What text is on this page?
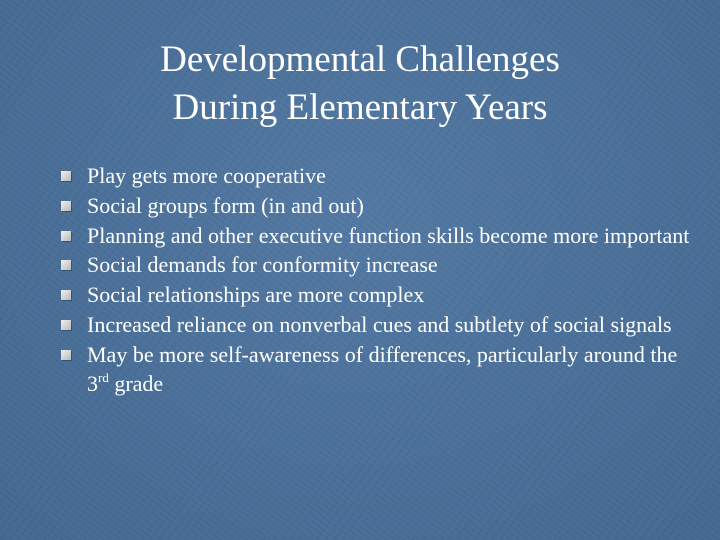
Developmental Challenges
During Elementary Years
Play gets more cooperative
Social groups form (in and out)
Planning and other executive function skills become more important
Social demands for conformity increase
Social relationships are more complex
Increased reliance on nonverbal cues and subtlety of social signals
May be more self-awareness of differences, particularly around the 3rd grade
